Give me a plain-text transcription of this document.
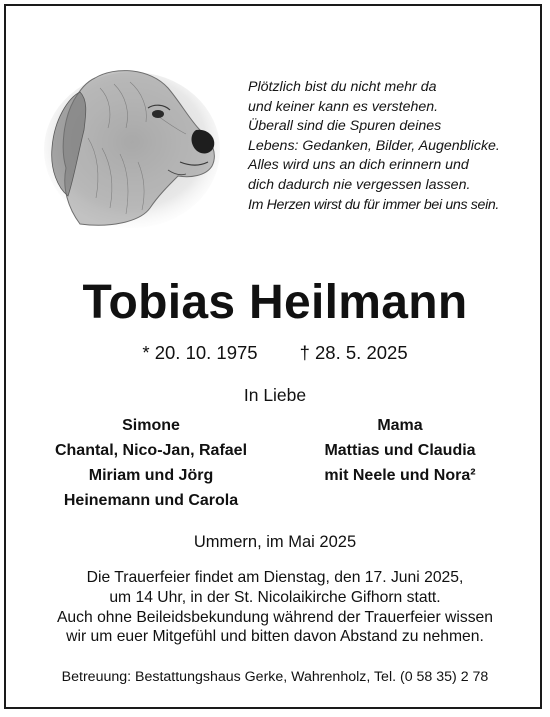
Plötzlich bist du nicht mehr da
und keiner kann es verstehen.
Überall sind die Spuren deines
Lebens: Gedanken, Bilder, Augenblicke.
Alles wird uns an dich erinnern und
dich dadurch nie vergessen lassen.
Im Herzen wirst du für immer bei uns sein.
Tobias Heilmann
* 20. 10. 1975 † 28. 5. 2025
In Liebe
Simone
Chantal, Nico-Jan, Rafael
Miriam und Jörg
Heinemann und Carola
Mama
Mattias und Claudia
mit Neele und Nora²
Ummern, im Mai 2025
Die Trauerfeier findet am Dienstag, den 17. Juni 2025,
um 14 Uhr, in der St. Nicolaikirche Gifhorn statt.
Auch ohne Beileidsbekundung während der Trauerfeier wissen
wir um euer Mitgefühl und bitten davon Abstand zu nehmen.
Betreuung: Bestattungshaus Gerke, Wahrenholz, Tel. (0 58 35) 2 78
